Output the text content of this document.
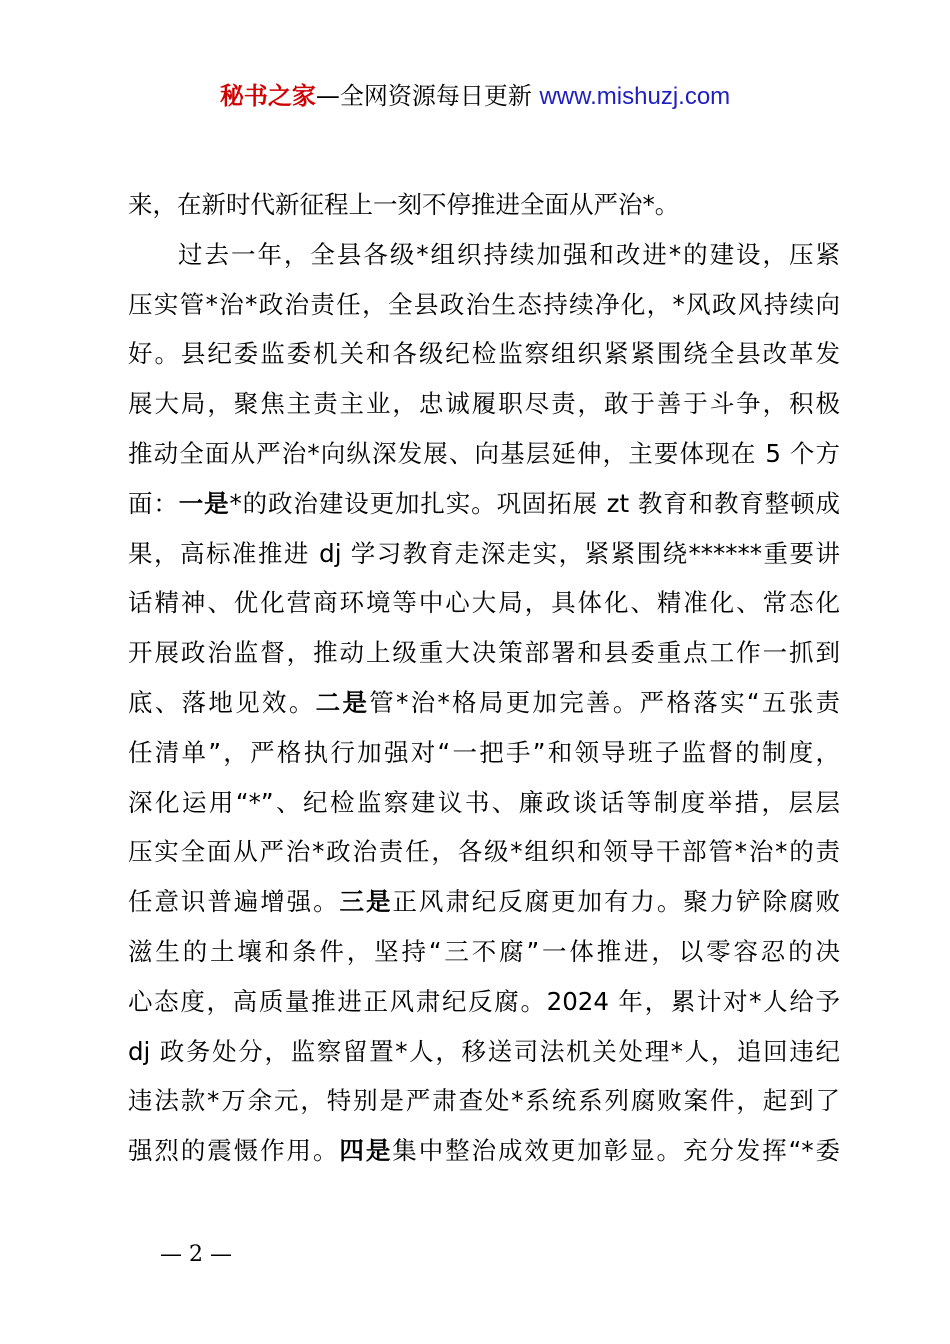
秘书之家—全网资源每日更新 www.mishuzj.com
来，在新时代新征程上一刻不停推进全面从严治*。
过去一年，全县各级*组织持续加强和改进*的建设，压紧
压实管*治*政治责任，全县政治生态持续净化，*风政风持续向
好。县纪委监委机关和各级纪检监察组织紧紧围绕全县改革发
展大局，聚焦主责主业，忠诚履职尽责，敢于善于斗争，积极
推动全面从严治*向纵深发展、向基层延伸，主要体现在 5 个方
面：一是*的政治建设更加扎实。巩固拓展 zt 教育和教育整顿成
果，高标准推进 dj 学习教育走深走实，紧紧围绕******重要讲
话精神、优化营商环境等中心大局，具体化、精准化、常态化
开展政治监督，推动上级重大决策部署和县委重点工作一抓到
底、落地见效。二是管*治*格局更加完善。严格落实“五张责
任清单”，严格执行加强对“一把手”和领导班子监督的制度，
深化运用“*”、纪检监察建议书、廉政谈话等制度举措，层层
压实全面从严治*政治责任，各级*组织和领导干部管*治*的责
任意识普遍增强。三是正风肃纪反腐更加有力。聚力铲除腐败
滋生的土壤和条件，坚持“三不腐”一体推进，以零容忍的决
心态度，高质量推进正风肃纪反腐。2024 年，累计对*人给予
dj 政务处分，监察留置*人，移送司法机关处理*人，追回违纪
违法款*万余元，特别是严肃查处*系统系列腐败案件，起到了
强烈的震慑作用。四是集中整治成效更加彰显。充分发挥“*委
— 2 —
